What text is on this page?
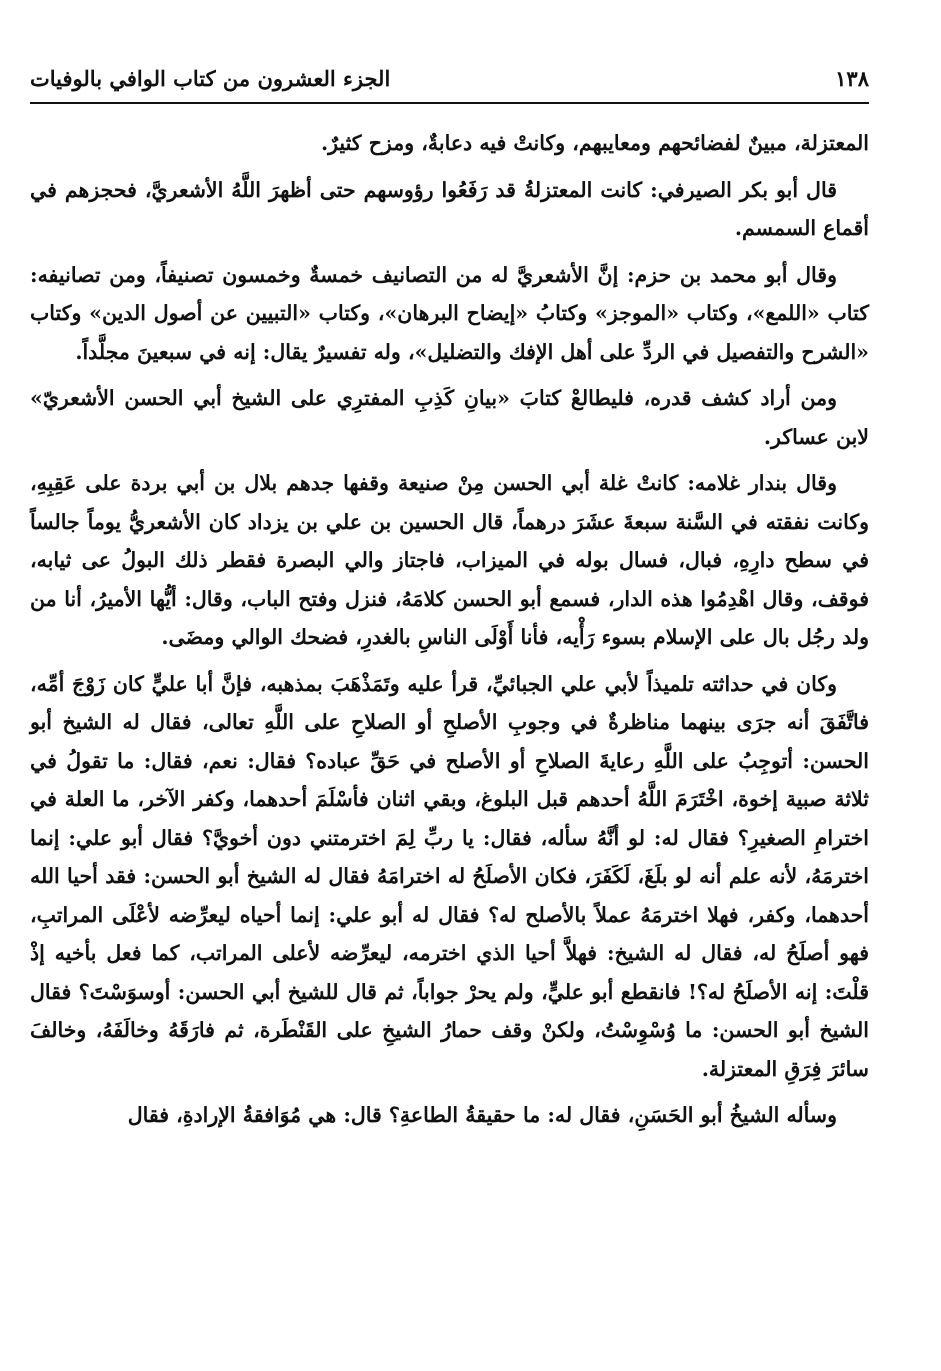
١٣٨
الجزء العشرون من كتاب الوافي بالوفيات

المعتزلة، مبينٌ لفضائحهم ومعايبهم، وكانتْ فيه دعابةٌ، ومزح كثيرٌ.

قال أبو بكر الصيرفي: كانت المعتزلةُ قد رَفَعُوا رؤوسهم حتى أظهرَ اللَّهُ الأشعريَّ، فحجزهم في أقماع السمسم.

وقال أبو محمد بن حزم: إنَّ الأشعريَّ له من التصانيف خمسةٌ وخمسون تصنيفاً، ومن تصانيفه: كتاب «اللمع»، وكتاب «الموجز» وكتابُ «إيضاح البرهان»، وكتاب «التبيين عن أصول الدين» وكتاب «الشرح والتفصيل في الردِّ على أهل الإفك والتضليل»، وله تفسيرٌ يقال: إنه في سبعينَ مجلَّداً.

ومن أراد كشف قدره، فليطالعْ كتابَ «بيانِ كَذِبِ المفترِي على الشيخ أبي الحسن الأشعريّ» لابن عساكر.

وقال بندار غلامه: كانتْ غلة أبي الحسن مِنْ صنيعة وقفها جدهم بلال بن أبي بردة على عَقِبِهِ، وكانت نفقته في السَّنة سبعةَ عشَرَ درهماً، قال الحسين بن علي بن يزداد كان الأشعريُّ يوماً جالساً في سطح دارِهِ، فبال، فسال بوله في الميزاب، فاجتاز والي البصرة فقطر ذلك البولُ عى ثيابه، فوقف، وقال اهْدِمُوا هذه الدار، فسمع أبو الحسن كلامَهُ، فنزل وفتح الباب، وقال: أيُّها الأميرُ، أنا من ولد رجُل بال على الإسلام بسوء رَأْيه، فأنا أَوْلَى الناسِ بالغدرِ، فضحك الوالي ومضَى.

وكان في حداثته تلميذاً لأبي علي الجبائيِّ، قرأ عليه وتَمَذْهَبَ بمذهبه، فإنَّ أبا عليٍّ كان زَوْجَ أمِّه، فاتَّفَقَ أنه جرَى بينهما مناظرةٌ في وجوبِ الأصلحِ أو الصلاحِ على اللَّهِ تعالى، فقال له الشيخ أبو الحسن: أتوجِبُ على اللَّهِ رعايةَ الصلاحِ أو الأصلح في حَقِّ عباده؟ فقال: نعم، فقال: ما تقولُ في ثلاثة صبية إخوة، اخْتَرَمَ اللَّهُ أحدهم قبل البلوغ، وبقي اثنان فأسْلَمَ أحدهما، وكفر الآخر، ما العلة في اخترامِ الصغيرِ؟ فقال له: لو أنَّهُ سأله، فقال: يا ربِّ لِمَ اخترمتني دون أخويَّ؟ فقال أبو علي: إنما اخترمَهُ، لأنه علم أنه لو بلَغَ، لَكَفَرَ، فكان الأصلَحُ له اخترامَهُ فقال له الشيخ أبو الحسن: فقد أحيا الله أحدهما، وكفر، فهلا اخترمَهُ عملاً بالأصلح له؟ فقال له أبو علي: إنما أحياه ليعرِّضه لأعْلَى المراتبِ، فهو أصلَحُ له، فقال له الشيخ: فهلاَّ أحيا الذي اخترمه، ليعرِّضه لأعلى المراتب، كما فعل بأخيه إذْ قلْتَ: إنه الأصلَحُ له؟! فانقطع أبو عليٍّ، ولم يحرْ جواباً، ثم قال للشيخ أبي الحسن: أوسوَسْتَ؟ فقال الشيخ أبو الحسن: ما وُسْوِسْتُ، ولكنْ وقف حمارُ الشيخِ على القَنْطَرة، ثم فارَقَهُ وخالَفَهُ، وخالفَ سائرَ فِرَقِ المعتزلة.

وسأله الشيخُ أبو الحَسَنِ، فقال له: ما حقيقةُ الطاعةِ؟ قال: هي مُوَافقةُ الإرادةِ، فقال
